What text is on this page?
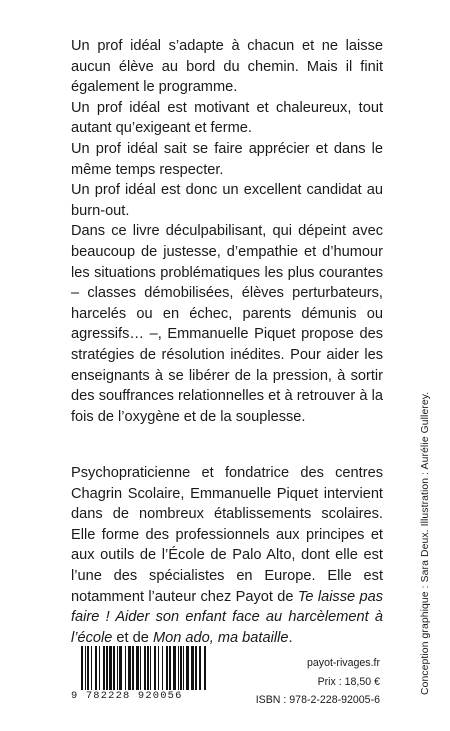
Un prof idéal s’adapte à chacun et ne laisse aucun élève au bord du chemin. Mais il finit également le programme.

Un prof idéal est motivant et chaleureux, tout autant qu’exigeant et ferme.

Un prof idéal sait se faire apprécier et dans le même temps respecter.

Un prof idéal est donc un excellent candidat au burn-out.

Dans ce livre déculpabilisant, qui dépeint avec beaucoup de justesse, d’empathie et d’humour les situations problématiques les plus courantes – classes démobilisées, élèves perturbateurs, harcelés ou en échec, parents démunis ou agressifs… –, Emmanuelle Piquet propose des stratégies de résolution inédites. Pour aider les enseignants à se libérer de la pression, à sortir des souffrances relationnelles et à retrouver à la fois de l’oxygène et de la souplesse.

Psychopraticienne et fondatrice des centres Chagrin Scolaire, Emmanuelle Piquet intervient dans de nombreux établissements scolaires. Elle forme des professionnels aux principes et aux outils de l’École de Palo Alto, dont elle est l’une des spécialistes en Europe. Elle est notamment l’auteur chez Payot de Te laisse pas faire ! Aider son enfant face au harcèlement à l’école et de Mon ado, ma bataille.	Conception graphique : Sara Deux. Illustration : Aurélie Gullerey.
9 782228 920056
payot-rivages.fr
Prix : 18,50 €
ISBN : 978-2-228-92005-6
